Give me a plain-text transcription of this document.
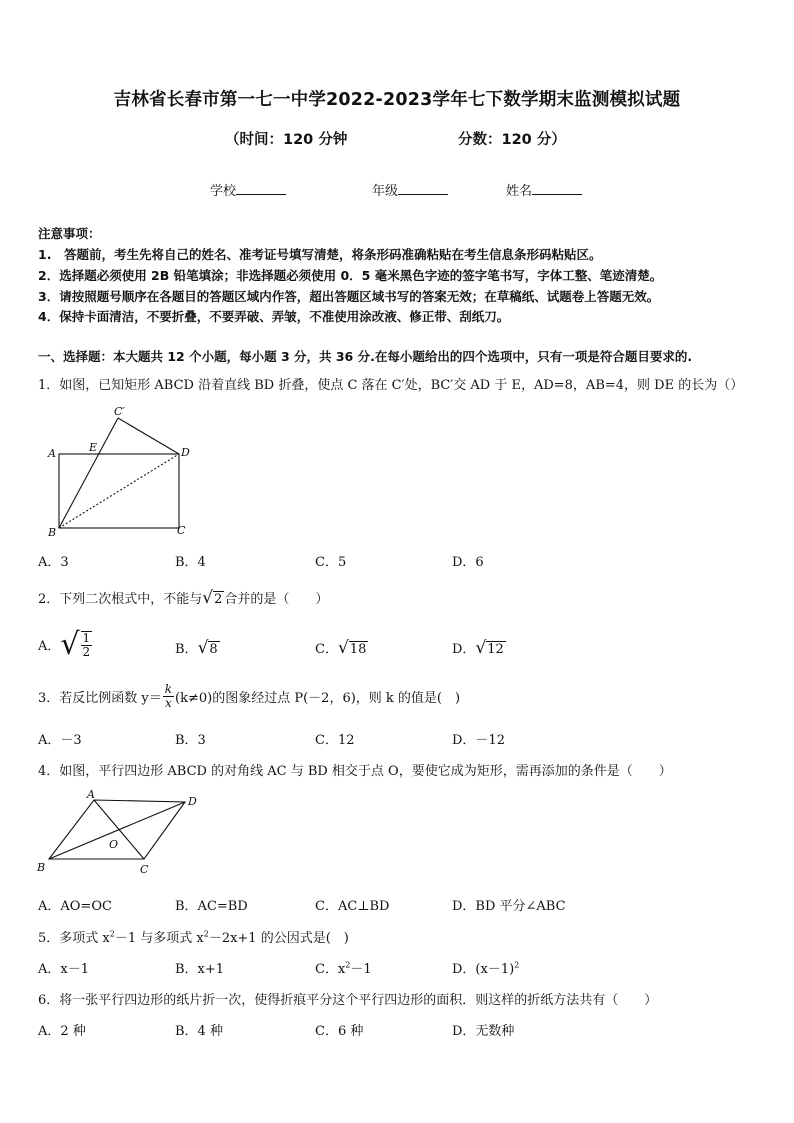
吉林省长春市第一七一中学2022-2023学年七下数学期末监测模拟试题
（时间：120 分钟	分数：120 分）
学校	年级	姓名
注意事项：
1.　答题前，考生先将自己的姓名、准考证号填写清楚，将条形码准确粘贴在考生信息条形码粘贴区。
2．选择题必须使用 2B 铅笔填涂；非选择题必须使用 0．5 毫米黑色字迹的签字笔书写，字体工整、笔迹清楚。
3．请按照题号顺序在各题目的答题区域内作答，超出答题区域书写的答案无效；在草稿纸、试题卷上答题无效。
4．保持卡面清洁，不要折叠，不要弄破、弄皱，不准使用涂改液、修正带、刮纸刀。
一、选择题：本大题共 12 个小题，每小题 3 分，共 36 分.在每小题给出的四个选项中，只有一项是符合题目要求的.
1．如图，已知矩形 ABCD 沿着直线 BD 折叠，使点 C 落在 C′处，BC′交 AD 于 E，AD=8，AB=4，则 DE 的长为（）
C′
E
A	D
B	C
A．3	B．4	C．5	D．6
2．下列二次根式中，不能与√2 合并的是（　　）
A．√ $\frac{1}{2}$	B．√8	C．√18	D．√12
3．若反比例函数 $y= \frac{k}{x} (k\ne 0)$的图象经过点 P(－2，6)，则 k 的值是(　)
A．－3	B．3	C．12	D．－12
4．如图，平行四边形 ABCD 的对角线 AC 与 BD 相交于点 O，要使它成为矩形，需再添加的条件是（　　）
A
D
O
B	C
A．AO=OC	B．AC=BD	C．AC⊥BD	D．BD 平分∠ABC
5．多项式 $x^2-1$ 与多项式 $x^2-2x+1$ 的公因式是(　)
A．x－1	B．x+1	C．$x^2-1$	D．$(x-1)^2$
6．将一张平行四边形的纸片折一次，使得折痕平分这个平行四边形的面积．则这样的折纸方法共有（　　）
A．2 种	B．4 种	C．6 种	D．无数种
